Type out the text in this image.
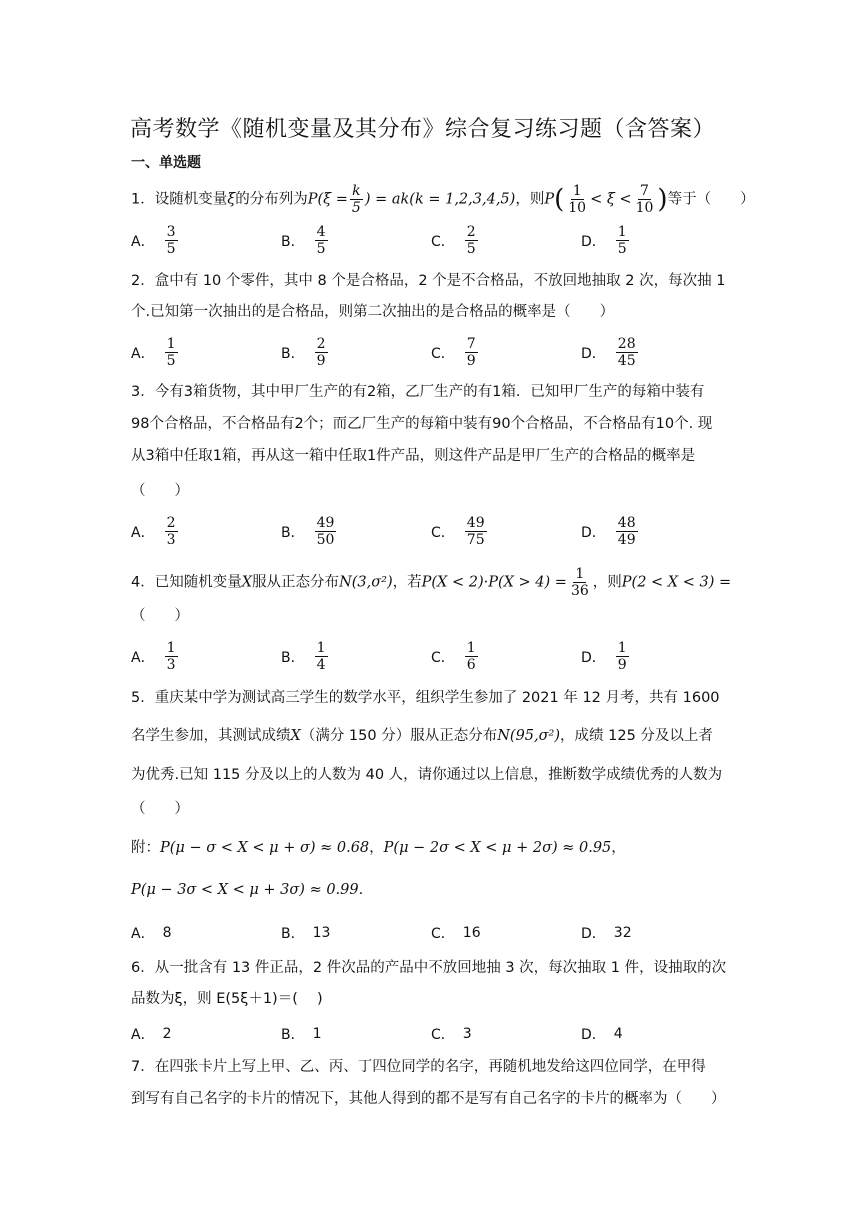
高考数学《随机变量及其分布》综合复习练习题（含答案）
一、单选题
1．设随机变量ξ的分布列为$P(\xi = \frac{k}{5}$ ) = ak(k = 1,2,3,4,5)，则$P( \frac{1}{10} < \xi < \frac{7}{10}$ )等于（　　）
A． $\frac{3}{5}$	B． $\frac{4}{5}$	C． $\frac{2}{5}$	D． $\frac{1}{5}$
2．盒中有 10 个零件，其中 8 个是合格品，2 个是不合格品，不放回地抽取 2 次，每次抽 1
个.已知第一次抽出的是合格品，则第二次抽出的是合格品的概率是（　　）
A． $\frac{1}{5}$	B． $\frac{2}{9}$	C． $\frac{7}{9}$	D． $\frac{28}{45}$
3．今有3箱货物，其中甲厂生产的有2箱，乙厂生产的有1箱．已知甲厂生产的每箱中装有
98个合格品，不合格品有2个；而乙厂生产的每箱中装有90个合格品，不合格品有10个. 现
从3箱中任取1箱，再从这一箱中任取1件产品，则这件产品是甲厂生产的合格品的概率是
（　　）
A． $\frac{2}{3}$	B． $\frac{49}{50}$	C． $\frac{49}{75}$	D． $\frac{48}{49}$
4．已知随机变量X服从正态分布N(3,σ²)，若$P(X < 2)\cdot P(X > 4) = \frac{1}{36}$ ，则P(2 < X < 3) =
（　　）
A． $\frac{1}{3}$	B． $\frac{1}{4}$	C． $\frac{1}{6}$	D． $\frac{1}{9}$
5．重庆某中学为测试高三学生的数学水平，组织学生参加了 2021 年 12 月考，共有 1600
名学生参加，其测试成绩X（满分 150 分）服从正态分布N(95,σ²)，成绩 125 分及以上者
为优秀.已知 115 分及以上的人数为 40 人，请你通过以上信息，推断数学成绩优秀的人数为
（　　）
附：P(μ − σ < X < μ + σ) ≈ 0.68，P(μ − 2σ < X < μ + 2σ) ≈ 0.95，
P(μ − 3σ < X < μ + 3σ) ≈ 0.99.
A． 8	B． 13	C． 16	D． 32
6．从一批含有 13 件正品，2 件次品的产品中不放回地抽 3 次，每次抽取 1 件，设抽取的次
品数为ξ，则 E(5ξ＋1)＝(　 )
A． 2	B． 1	C． 3	D． 4
7．在四张卡片上写上甲、乙、丙、丁四位同学的名字，再随机地发给这四位同学，在甲得
到写有自己名字的卡片的情况下，其他人得到的都不是写有自己名字的卡片的概率为（　　）
